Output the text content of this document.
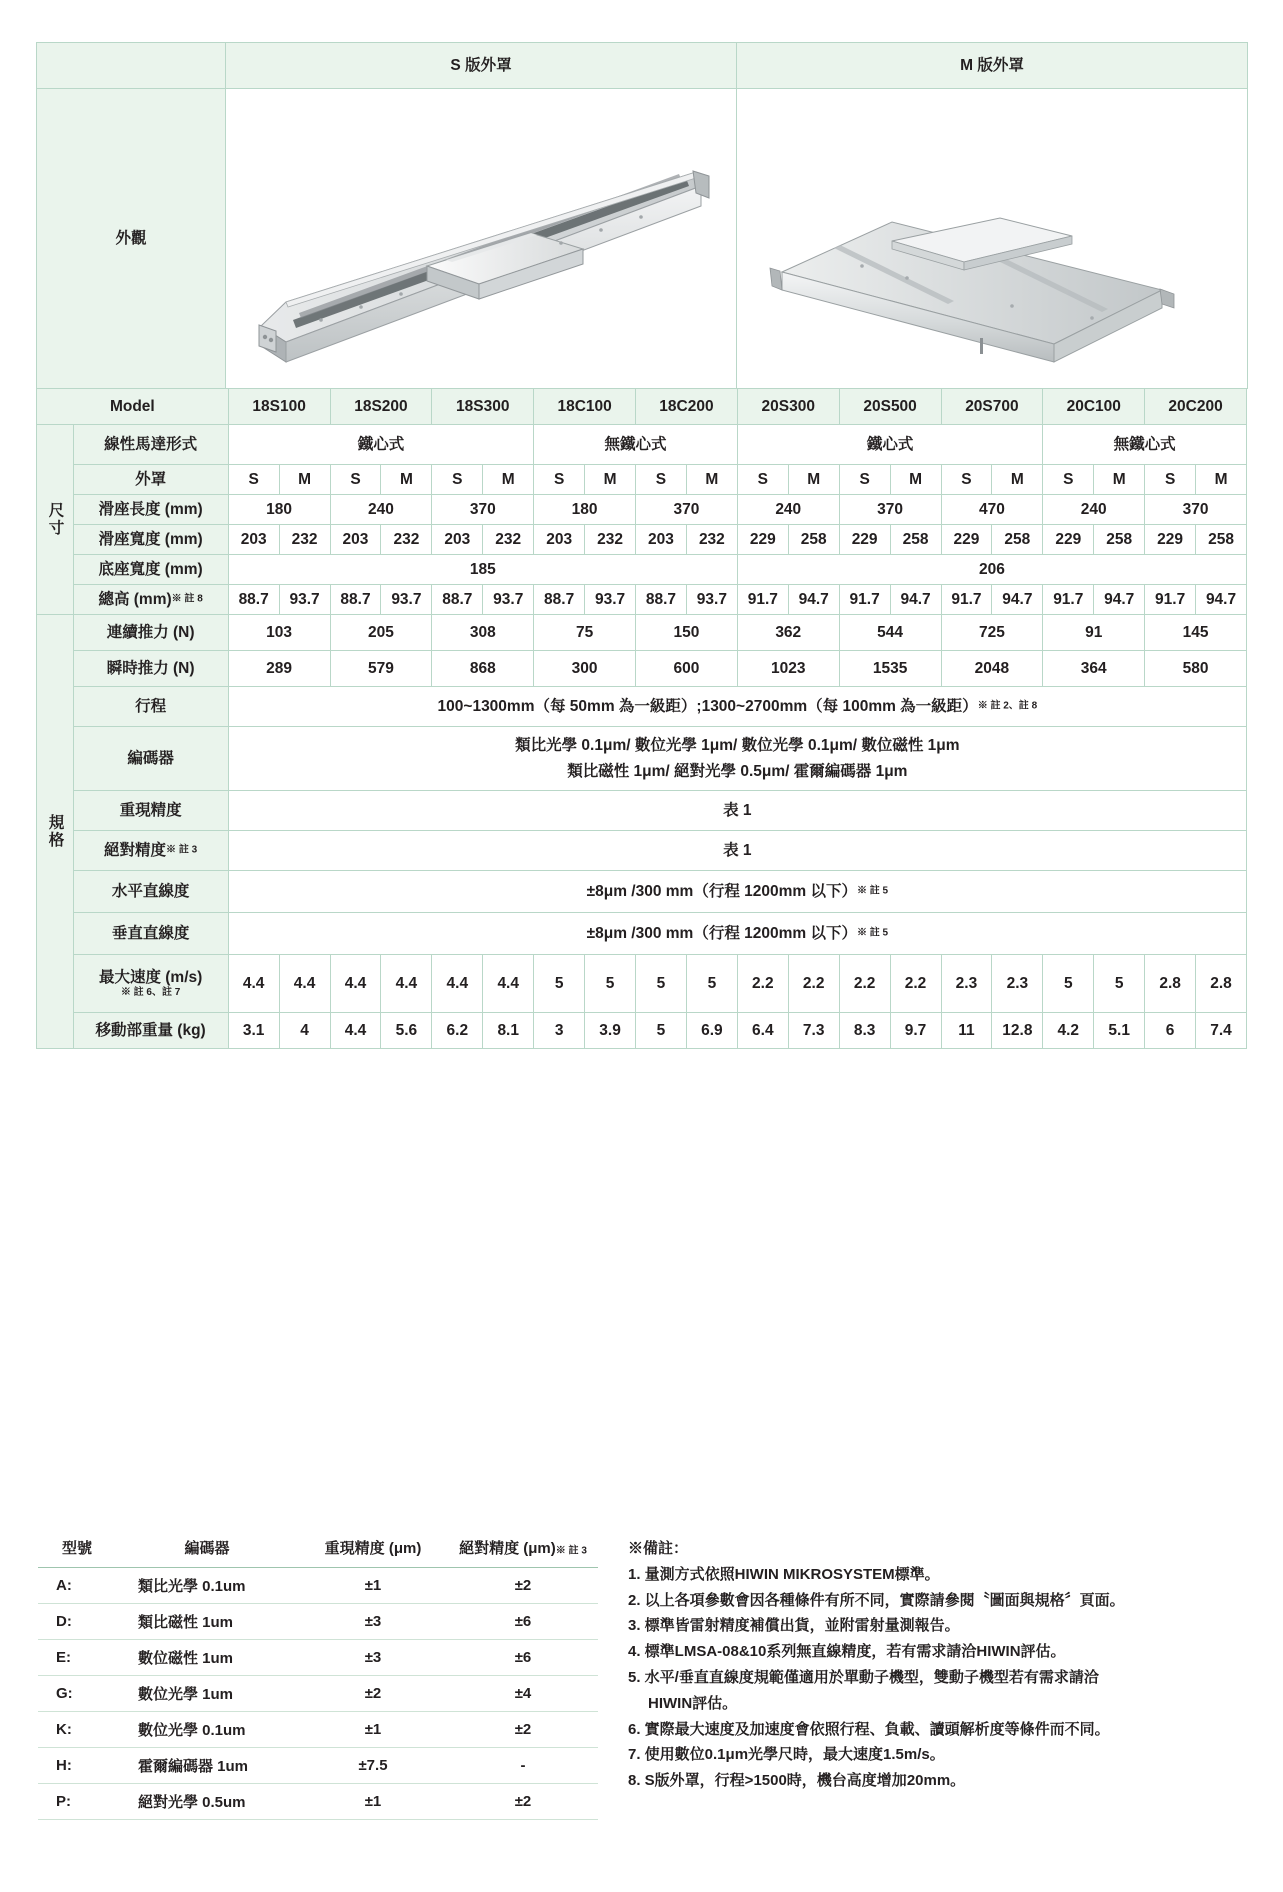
	S 版外罩	M 版外罩
外觀	

Model		18S100		18S200		18S300		18C100		18C200		20S300		20S500		20S700		20C100		20C200	

尺寸	線性馬達形式	鐵心式						無鐵心式				鐵心式						無鐵心式			
	外罩	S	M	S	M	S	M	S	M	S	M	S	M	S	M	S	M	S	M	S	M
	滑座長度 (mm)	180		240		370		180		370		240		370		470		240		370	
	滑座寬度 (mm)	203	232	203	232	203	232	203	232	203	232	229	258	229	258	229	258	229	258	229	258
	底座寬度 (mm)	185										206									
	總高 (mm)※ 註 8	88.7	93.7	88.7	93.7	88.7	93.7	88.7	93.7	88.7	93.7	91.7	94.7	91.7	94.7	91.7	94.7	91.7	94.7	91.7	94.7

規格	連續推力 (N)	103		205		308		75		150		362		544		725		91		145	
	瞬時推力 (N)	289		579		868		300		600		1023		1535		2048		364		580	
	行程	100~1300mm（每 50mm 為一級距）;1300~2700mm（每 100mm 為一級距）※ 註 2、註 8																			
	編碼器	類比光學 0.1μm/ 數位光學 1μm/ 數位光學 0.1μm/ 數位磁性 1μm
類比磁性 1μm/ 絕對光學 0.5μm/ 霍爾編碼器 1μm																			

	重現精度	表 1																			
	絕對精度※ 註 3	表 1																			
	水平直線度	±8μm /300 mm（行程 1200mm 以下）※ 註 5																			
	垂直直線度	±8μm /300 mm（行程 1200mm 以下）※ 註 5																			

	最大速度 (m/s)
※ 註 6、註 7	4.4	4.4	4.4	4.4	4.4	4.4	5	5	5	5	2.2	2.2	2.2	2.2	2.3	2.3	5	5	2.8	2.8
	移動部重量 (kg)	3.1	4	4.4	5.6	6.2	8.1	3	3.9	5	6.9	6.4	7.3	8.3	9.7	11	12.8	4.2	5.1	6	7.4
型號	編碼器	重現精度 (μm)	絕對精度 (μm)※ 註 3
A:	類比光學 0.1um	±1	±2
D:	類比磁性 1um	±3	±6
E:	數位磁性 1um	±3	±6
G:	數位光學 1um	±2	±4
K:	數位光學 0.1um	±1	±2
H:	霍爾編碼器 1um	±7.5	-
P:	絕對光學 0.5um	±1	±2
※備註：
1. 量測方式依照HIWIN MIKROSYSTEM標準。
2. 以上各項參數會因各種條件有所不同，實際請參閱〝圖面與規格〞頁面。
3. 標準皆雷射精度補償出貨，並附雷射量測報告。
4. 標準LMSA-08&10系列無直線精度，若有需求請洽HIWIN評估。
5. 水平/垂直直線度規範僅適用於單動子機型，雙動子機型若有需求請洽
HIWIN評估。
6. 實際最大速度及加速度會依照行程、負載、讀頭解析度等條件而不同。
7. 使用數位0.1μm光學尺時，最大速度1.5m/s。
8. S版外罩，行程>1500時，機台高度增加20mm。
